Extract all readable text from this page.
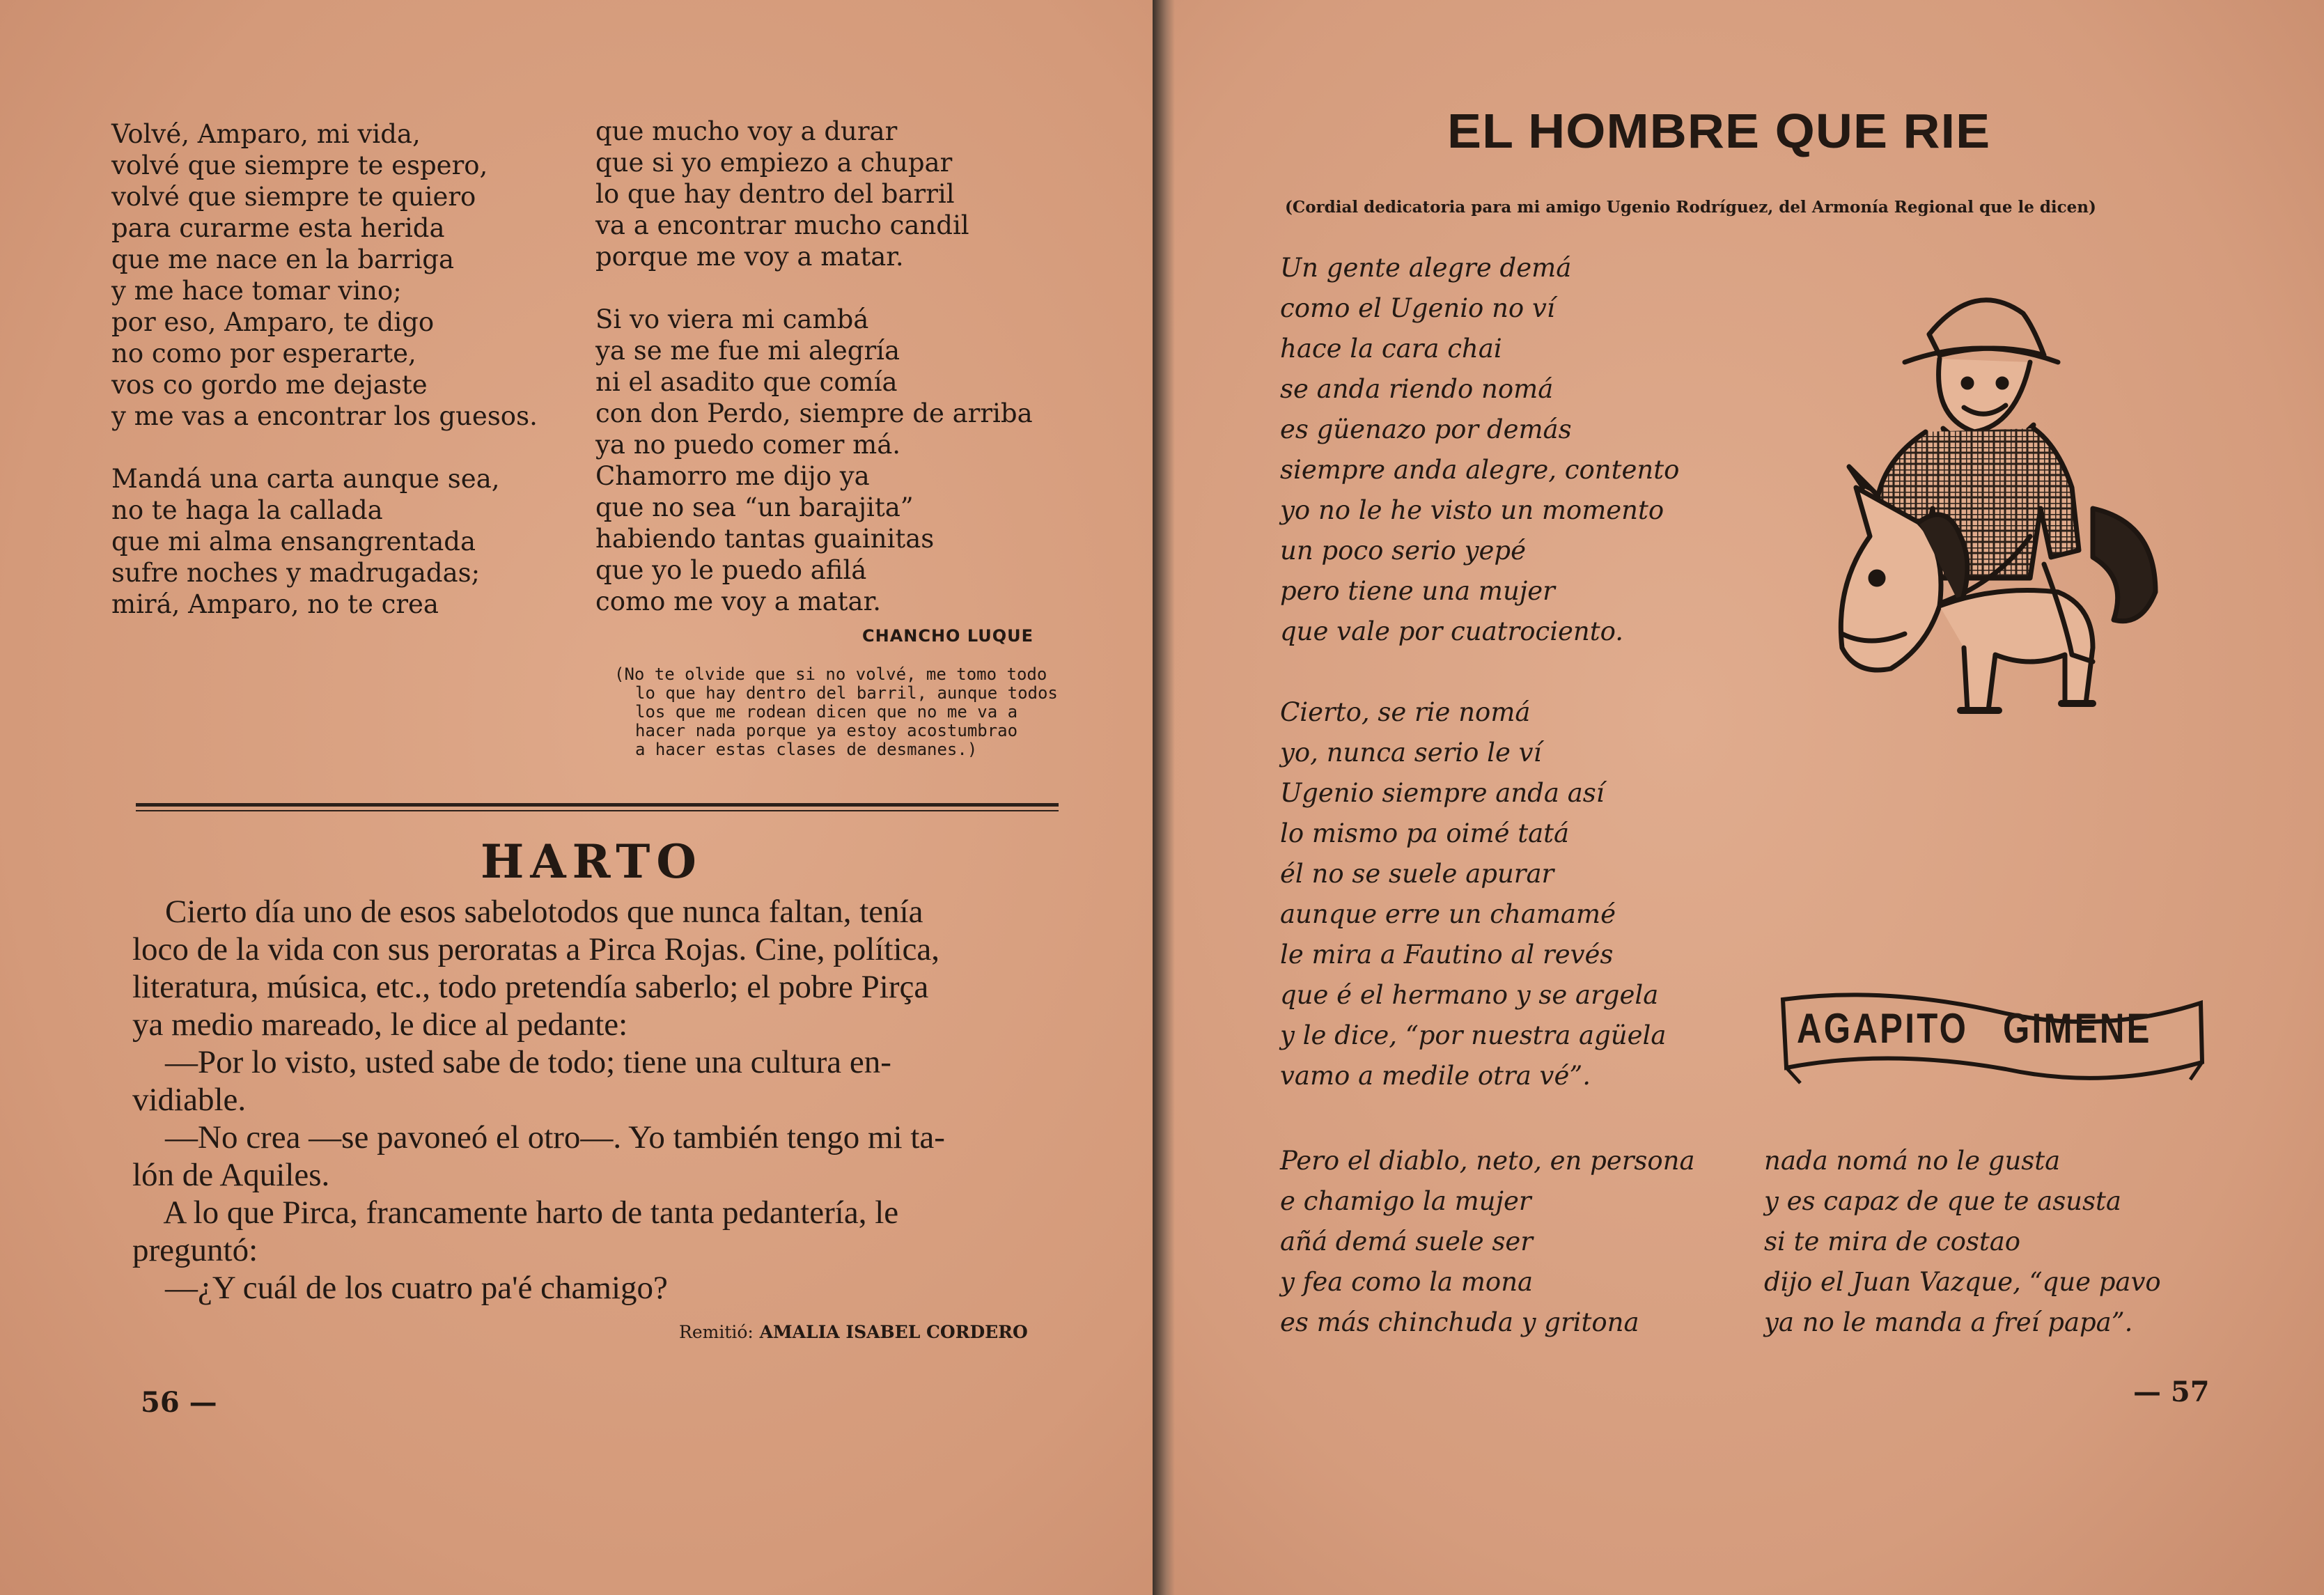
Volvé, Amparo, mi vida,
volvé que siempre te espero,
volvé que siempre te quiero
para curarme esta herida
que me nace en la barriga
y me hace tomar vino;
por eso, Amparo, te digo
no como por esperarte,
vos co gordo me dejaste
y me vas a encontrar los guesos.
Mandá una carta aunque sea,
no te haga la callada
que mi alma ensangrentada
sufre noches y madrugadas;
mirá, Amparo, no te crea
que mucho voy a durar
que si yo empiezo a chupar
lo que hay dentro del barril
va a encontrar mucho candil
porque me voy a matar.
Si vo viera mi cambá
ya se me fue mi alegría
ni el asadito que comía
con don Perdo, siempre de arriba
ya no puedo comer má.
Chamorro me dijo ya
que no sea “un barajita”
habiendo tantas guainitas
que yo le puedo afilá
como me voy a matar.
CHANCHO LUQUE
(No te olvide que si no volvé, me tomo todo
lo que hay dentro del barril, aunque todos
los que me rodean dicen que no me va a
hacer nada porque ya estoy acostumbrao
a hacer estas clases de desmanes.)
HARTO
Cierto día uno de esos sabelotodos que nunca faltan, tenía
loco de la vida con sus peroratas a Pirca Rojas. Cine, política,
literatura, música, etc., todo pretendía saberlo; el pobre Pirça
ya medio mareado, le dice al pedante:
—Por lo visto, usted sabe de todo; tiene una cultura en-
vidiable.
—No crea —se pavoneó el otro—. Yo también tengo mi ta-
lón de Aquiles.
A lo que Pirca, francamente harto de tanta pedantería, le
preguntó:
—¿Y cuál de los cuatro pa'é chamigo?
Remitió: AMALIA ISABEL CORDERO
56 —
EL HOMBRE QUE RIE
(Cordial dedicatoria para mi amigo Ugenio Rodríguez, del Armonía Regional que le dicen)
Un gente alegre demá
como el Ugenio no ví
hace la cara chai
se anda riendo nomá
es güenazo por demás
siempre anda alegre, contento
yo no le he visto un momento
un poco serio yepé
pero tiene una mujer
que vale por cuatrociento.
Cierto, se rie nomá
yo, nunca serio le ví
Ugenio siempre anda así
lo mismo pa oimé tatá
él no se suele apurar
aunque erre un chamamé
le mira a Fautino al revés
que é el hermano y se argela
y le dice, “por nuestra agüela
vamo a medile otra vé”.
Pero el diablo, neto, en persona
e chamigo la mujer
añá demá suele ser
y fea como la mona
es más chinchuda y gritona
nada nomá no le gusta
y es capaz de que te asusta
si te mira de costao
dijo el Juan Vazque, “que pavo
ya no le manda a freí papa”.
AGAPITO GIMENE
— 57
